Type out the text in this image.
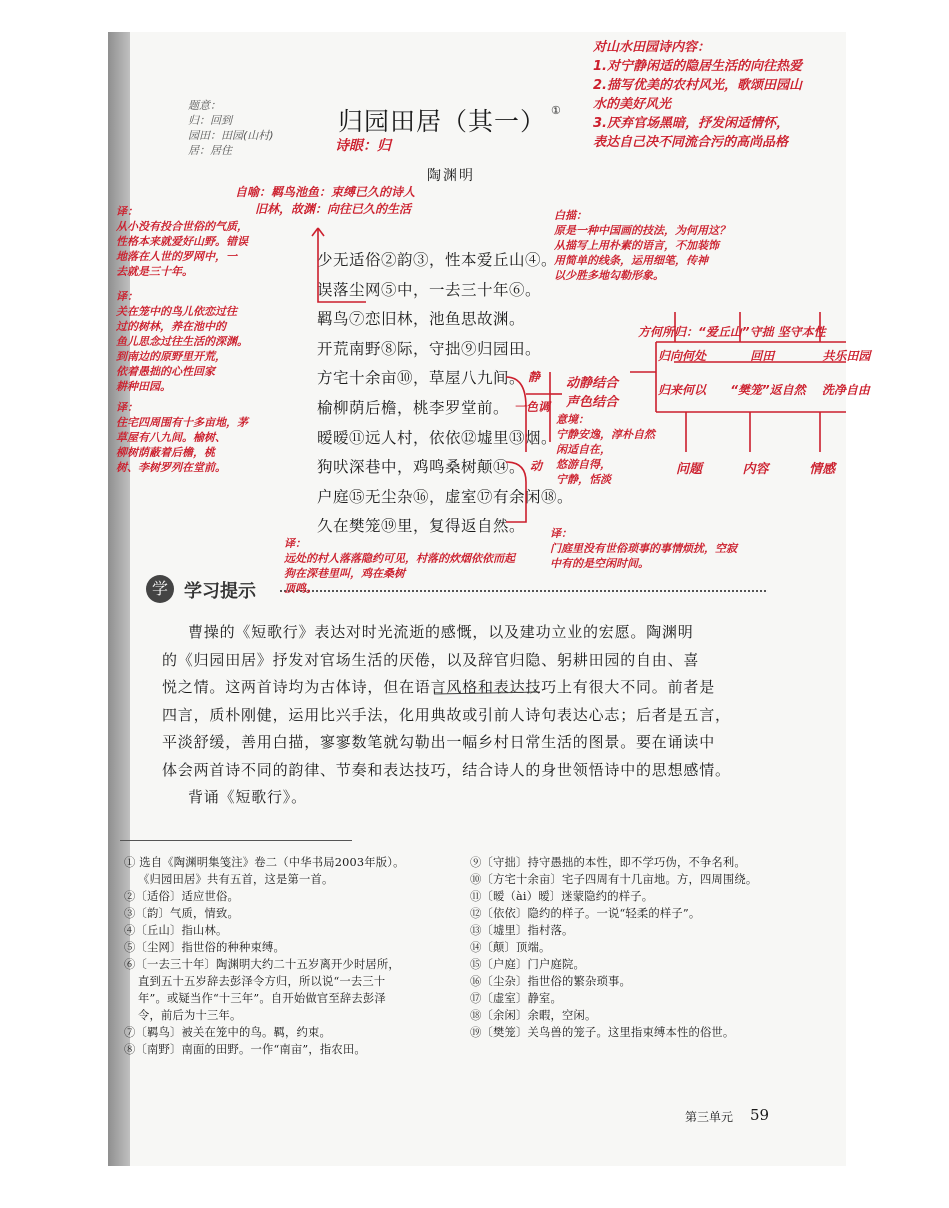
归园田居（其一） ①
陶渊明
少无适俗②韵③，性本爱丘山④。
误落尘网⑤中，一去三十年⑥。
羁鸟⑦恋旧林，池鱼思故渊。
开荒南野⑧际，守拙⑨归园田。
方宅十余亩⑩，草屋八九间。
榆柳荫后檐，桃李罗堂前。
暧暧⑪远人村，依依⑫墟里⑬烟。
狗吠深巷中，鸡鸣桑树颠⑭。
户庭⑮无尘杂⑯，虚室⑰有余闲⑱。
久在樊笼⑲里，复得返自然。
学 学习提示
曹操的《短歌行》表达对时光流逝的感慨，以及建功立业的宏愿。陶渊明
的《归园田居》抒发对官场生活的厌倦，以及辞官归隐、躬耕田园的自由、喜
悦之情。这两首诗均为古体诗，但在语言风格和表达技巧上有很大不同。前者是
四言，质朴刚健，运用比兴手法，化用典故或引前人诗句表达心志；后者是五言，
平淡舒缓，善用白描，寥寥数笔就勾勒出一幅乡村日常生活的图景。要在诵读中
体会两首诗不同的韵律、节奏和表达技巧，结合诗人的身世领悟诗中的思想感情。
背诵《短歌行》。
① 选自《陶渊明集笺注》卷二（中华书局2003年版）。
《归园田居》共有五首，这是第一首。
②〔适俗〕适应世俗。
③〔韵〕气质，情致。
④〔丘山〕指山林。
⑤〔尘网〕指世俗的种种束缚。
⑥〔一去三十年〕陶渊明大约二十五岁离开少时居所，
直到五十五岁辞去彭泽令方归，所以说“一去三十
年”。或疑当作“十三年”。自开始做官至辞去彭泽
令，前后为十三年。
⑦〔羁鸟〕被关在笼中的鸟。羁，约束。
⑧〔南野〕南面的田野。一作“南亩”，指农田。
⑨〔守拙〕持守愚拙的本性，即不学巧伪，不争名利。
⑩〔方宅十余亩〕宅子四周有十几亩地。方，四周围绕。
⑪〔暧（ài）暧〕迷蒙隐约的样子。
⑫〔依依〕隐约的样子。一说“轻柔的样子”。
⑬〔墟里〕指村落。
⑭〔颠〕顶端。
⑮〔户庭〕门户庭院。
⑯〔尘杂〕指世俗的繁杂琐事。
⑰〔虚室〕静室。
⑱〔余闲〕余暇，空闲。
⑲〔樊笼〕关鸟兽的笼子。这里指束缚本性的俗世。
第三单元 59
对山水田园诗内容：
1.对宁静闲适的隐居生活的向往热爱
2.描写优美的农村风光，歌颂田园山
水的美好风光
3.厌弃官场黑暗，抒发闲适情怀，
表达自己决不同流合污的高尚品格
题意：
归：回到
园田：田园(山村)
居：居住	诗眼：归
自喻：羁鸟池鱼：束缚已久的诗人
旧林，故渊：向往已久的生活
译：
从小没有投合世俗的气质，
性格本来就爱好山野。错误
地落在人世的罗网中，一
去就是三十年。
译：
关在笼中的鸟儿依恋过往
过的树林，养在池中的
鱼儿思念过往生活的深渊。
到南边的原野里开荒，
依着愚拙的心性回家
耕种田园。
译：
住宅四周围有十多亩地，茅
草屋有八九间。榆树、
柳树荫蔽着后檐，桃
树、李树罗列在堂前。
白描：
原是一种中国画的技法，为何用这？
从描写上用朴素的语言，不加装饰
用简单的线条，运用细笔，传神
以少胜多地勾勒形象。
方何所归：“爱丘山”守拙 坚守本性
归向何处	回田	共乐田园
归来何以 “樊笼”返自然 洗净自由
静
一色调
动
动静结合
声色结合
意境：
宁静安逸，淳朴自然
闲适自在，
悠游自得，
宁静，恬淡
问题	内容	情感
译：
远处的村人落落隐约可见，村落的炊烟依依而起
狗在深巷里叫，鸡在桑树
顶鸣。
译：
门庭里没有世俗琐事的事情烦扰，空寂
中有的是空闲时间。
